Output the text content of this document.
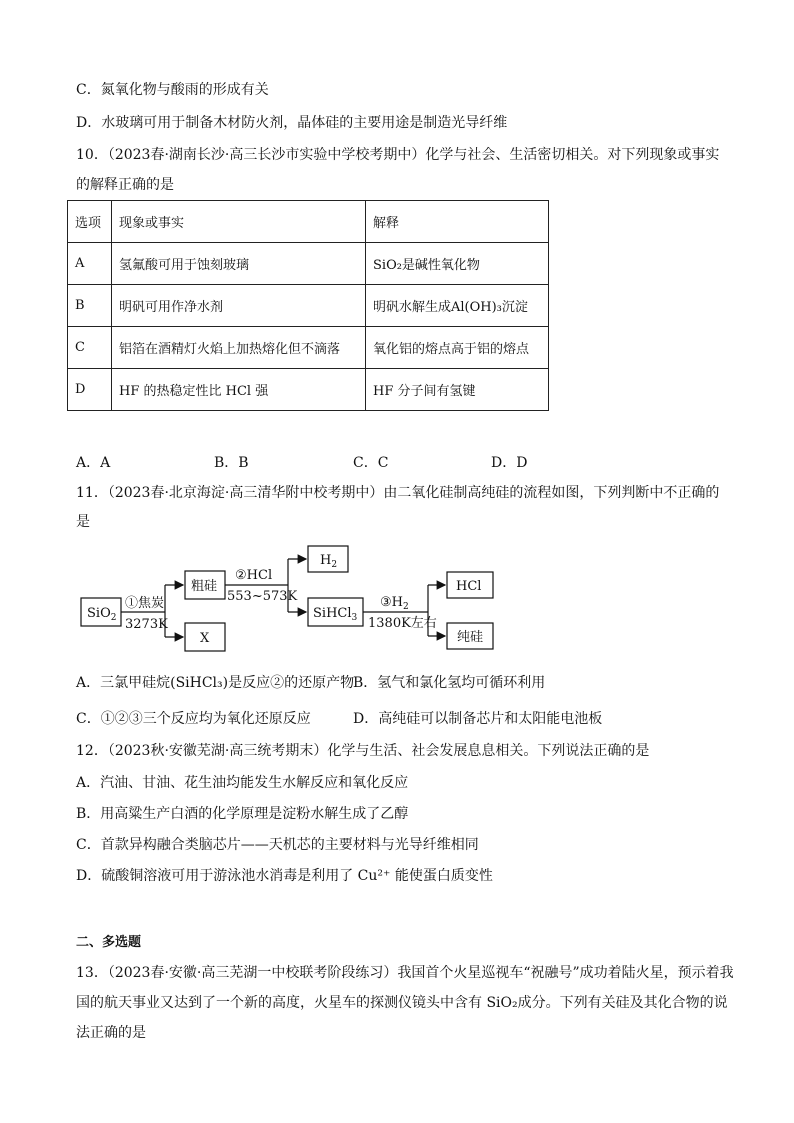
C．氮氧化物与酸雨的形成有关
D．水玻璃可用于制备木材防火剂，晶体硅的主要用途是制造光导纤维
10．（2023春·湖南长沙·高三长沙市实验中学校考期中）化学与社会、生活密切相关。对下列现象或事实
的解释正确的是
选项	现象或事实	解释
A	氢氟酸可用于蚀刻玻璃	SiO₂是碱性氧化物
B	明矾可用作净水剂	明矾水解生成Al(OH)₃沉淀
C	铝箔在酒精灯火焰上加热熔化但不滴落	氧化铝的熔点高于铝的熔点
D	HF 的热稳定性比 HCl 强	HF 分子间有氢键
A．A	B．B	C．C	D．D
11．（2023春·北京海淀·高三清华附中校考期中）由二氧化硅制高纯硅的流程如图，下列判断中不正确的
是
SiO$_2$
①焦炭
3273K
粗硅
X
②HCl
553~573K
$H_2$
SiHCl$_3$
$③H_2$
1380K左右
HCl
纯硅
A．三氯甲硅烷(SiHCl₃)是反应②的还原产物
B．氢气和氯化氢均可循环利用
C．①②③三个反应均为氧化还原反应	D．高纯硅可以制备芯片和太阳能电池板
12．（2023秋·安徽芜湖·高三统考期末）化学与生活、社会发展息息相关。下列说法正确的是
A．汽油、甘油、花生油均能发生水解反应和氧化反应
B．用高粱生产白酒的化学原理是淀粉水解生成了乙醇
C．首款异构融合类脑芯片——天机芯的主要材料与光导纤维相同
D．硫酸铜溶液可用于游泳池水消毒是利用了 Cu²⁺ 能使蛋白质变性
二、多选题
13．（2023春·安徽·高三芜湖一中校联考阶段练习）我国首个火星巡视车“祝融号”成功着陆火星，预示着我
国的航天事业又达到了一个新的高度，火星车的探测仪镜头中含有 SiO₂成分。下列有关硅及其化合物的说
法正确的是
